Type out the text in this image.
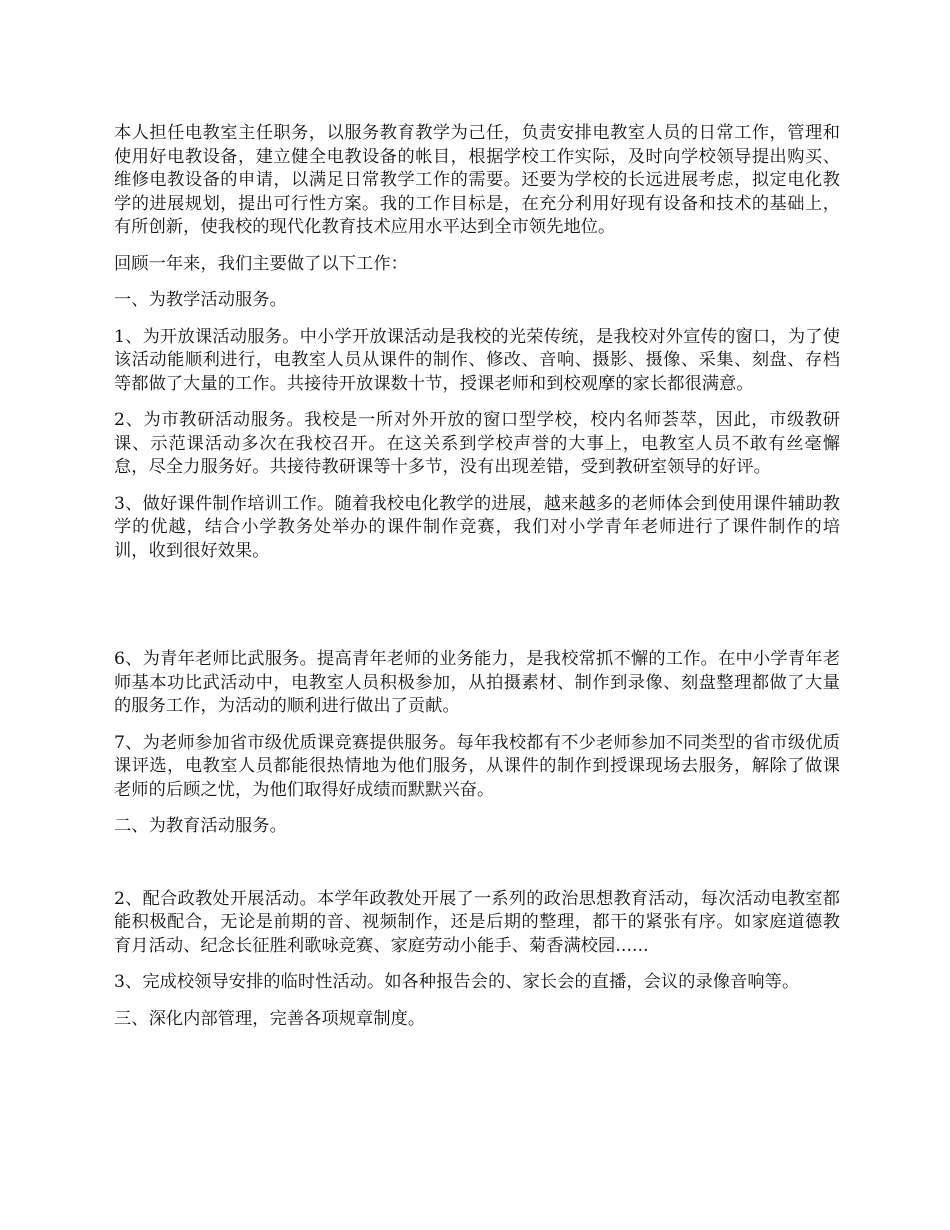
本人担任电教室主任职务，以服务教育教学为己任，负责安排电教室人员的日常工作，管理和使用好电教设备，建立健全电教设备的帐目，根据学校工作实际，及时向学校领导提出购买、维修电教设备的申请，以满足日常教学工作的需要。还要为学校的长远进展考虑，拟定电化教学的进展规划，提出可行性方案。我的工作目标是，在充分利用好现有设备和技术的基础上，有所创新，使我校的现代化教育技术应用水平达到全市领先地位。

回顾一年来，我们主要做了以下工作：

一、为教学活动服务。

1、为开放课活动服务。中小学开放课活动是我校的光荣传统，是我校对外宣传的窗口，为了使该活动能顺利进行，电教室人员从课件的制作、修改、音响、摄影、摄像、采集、刻盘、存档等都做了大量的工作。共接待开放课数十节，授课老师和到校观摩的家长都很满意。

2、为市教研活动服务。我校是一所对外开放的窗口型学校，校内名师荟萃，因此，市级教研课、示范课活动多次在我校召开。在这关系到学校声誉的大事上，电教室人员不敢有丝毫懈怠，尽全力服务好。共接待教研课等十多节，没有出现差错，受到教研室领导的好评。

3、做好课件制作培训工作。随着我校电化教学的进展，越来越多的老师体会到使用课件辅助教学的优越，结合小学教务处举办的课件制作竞赛，我们对小学青年老师进行了课件制作的培训，收到很好效果。

6、为青年老师比武服务。提高青年老师的业务能力，是我校常抓不懈的工作。在中小学青年老师基本功比武活动中，电教室人员积极参加，从拍摄素材、制作到录像、刻盘整理都做了大量的服务工作，为活动的顺利进行做出了贡献。

7、为老师参加省市级优质课竞赛提供服务。每年我校都有不少老师参加不同类型的省市级优质课评选，电教室人员都能很热情地为他们服务，从课件的制作到授课现场去服务，解除了做课老师的后顾之忧，为他们取得好成绩而默默兴奋。

二、为教育活动服务。

2、配合政教处开展活动。本学年政教处开展了一系列的政治思想教育活动，每次活动电教室都能积极配合，无论是前期的音、视频制作，还是后期的整理，都干的紧张有序。如家庭道德教育月活动、纪念长征胜利歌咏竞赛、家庭劳动小能手、菊香满校园......

3、完成校领导安排的临时性活动。如各种报告会的、家长会的直播，会议的录像音响等。

三、深化内部管理，完善各项规章制度。
